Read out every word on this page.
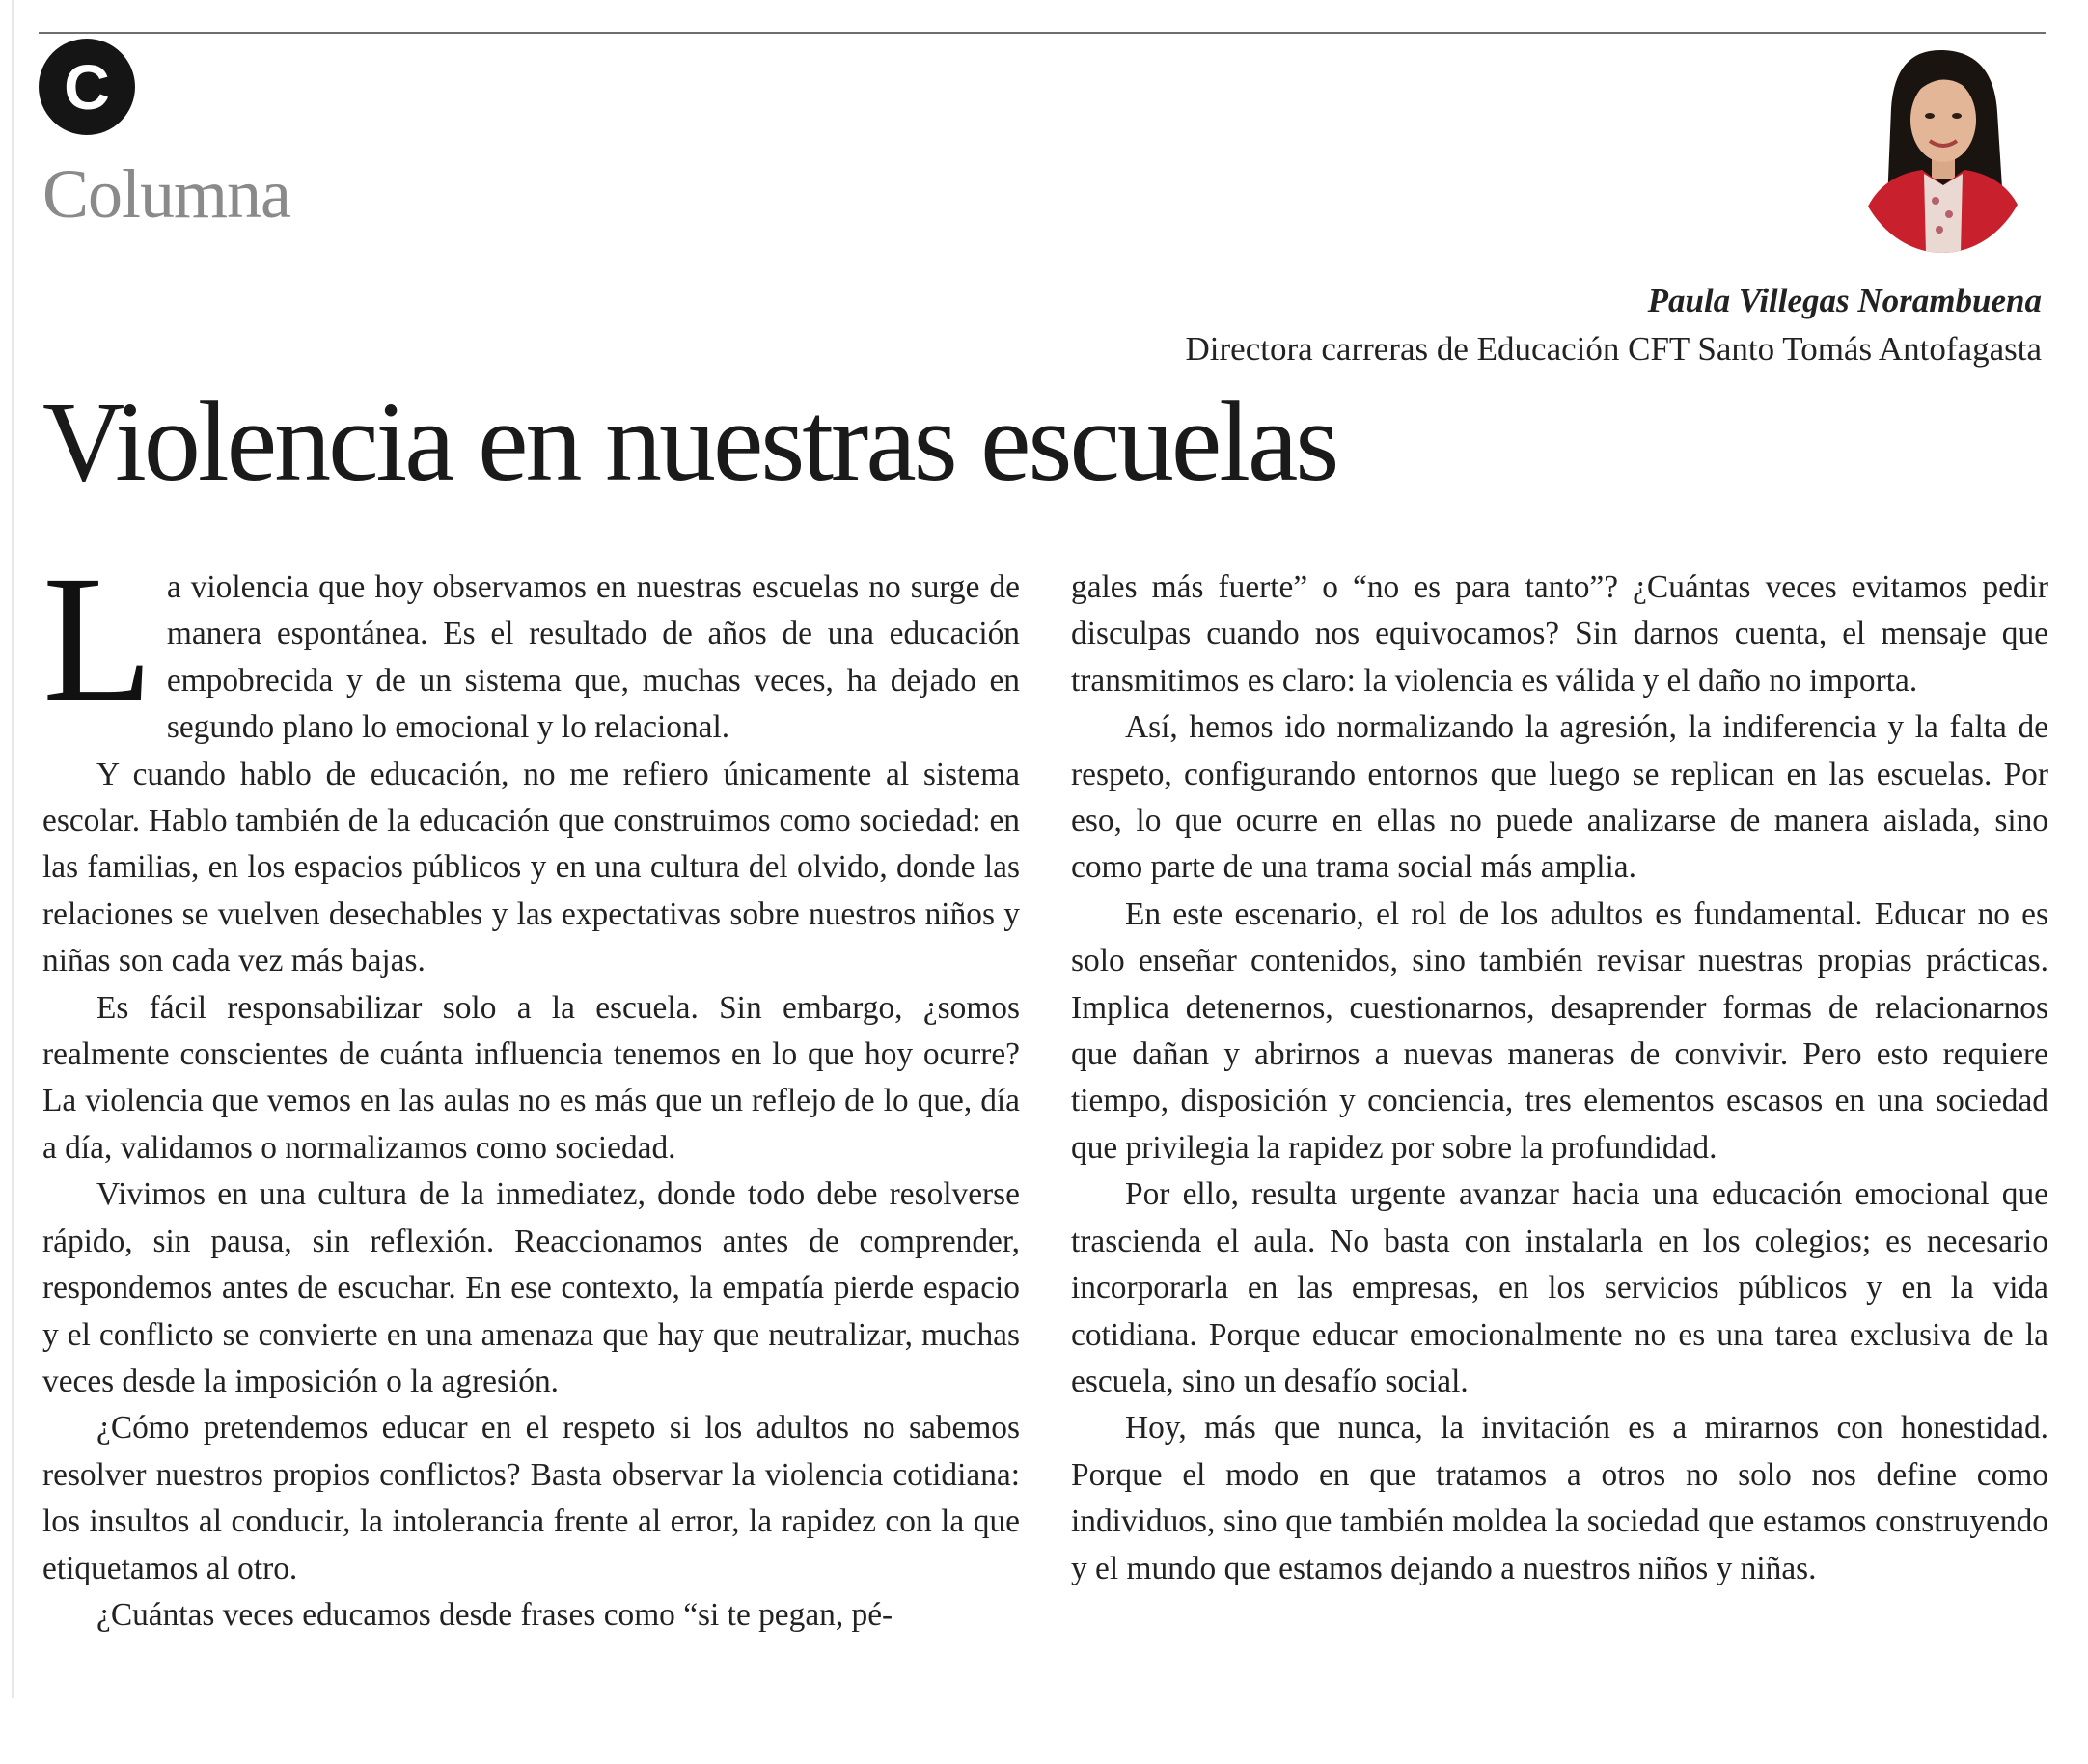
C
Columna
Paula Villegas Norambuena
Directora carreras de Educación CFT Santo Tomás Antofagasta
Violencia en nuestras escuelas

La violencia que hoy observamos en nuestras escuelas no surge de manera espontánea. Es el resultado de años de una educación empobrecida y de un sistema que, muchas veces, ha dejado en segundo plano lo emocional y lo relacional.

Y cuando hablo de educación, no me refiero únicamente al sistema escolar. Hablo también de la educación que construimos como sociedad: en las familias, en los espacios públicos y en una cultura del olvido, donde las relaciones se vuelven desechables y las expectativas sobre nuestros niños y niñas son cada vez más bajas.

Es fácil responsabilizar solo a la escuela. Sin embargo, ¿somos realmente conscientes de cuánta influencia tenemos en lo que hoy ocurre? La violencia que vemos en las aulas no es más que un reflejo de lo que, día a día, validamos o normalizamos como sociedad.

Vivimos en una cultura de la inmediatez, donde todo debe resolverse rápido, sin pausa, sin reflexión. Reaccionamos antes de comprender, respondemos antes de escuchar. En ese contexto, la empatía pierde espacio y el conflicto se convierte en una amenaza que hay que neutralizar, muchas veces desde la imposición o la agresión.

¿Cómo pretendemos educar en el respeto si los adultos no sabemos resolver nuestros propios conflictos? Basta observar la violencia cotidiana: los insultos al conducir, la intolerancia frente al error, la rapidez con la que etiquetamos al otro.

¿Cuántas veces educamos desde frases como “si te pegan, pé-

gales más fuerte” o “no es para tanto”? ¿Cuántas veces evitamos pedir disculpas cuando nos equivocamos? Sin darnos cuenta, el mensaje que transmitimos es claro: la violencia es válida y el daño no importa.

Así, hemos ido normalizando la agresión, la indiferencia y la falta de respeto, configurando entornos que luego se replican en las escuelas. Por eso, lo que ocurre en ellas no puede analizarse de manera aislada, sino como parte de una trama social más amplia.

En este escenario, el rol de los adultos es fundamental. Educar no es solo enseñar contenidos, sino también revisar nuestras propias prácticas. Implica detenernos, cuestionarnos, desaprender formas de relacionarnos que dañan y abrirnos a nuevas maneras de convivir. Pero esto requiere tiempo, disposición y conciencia, tres elementos escasos en una sociedad que privilegia la rapidez por sobre la profundidad.

Por ello, resulta urgente avanzar hacia una educación emocional que trascienda el aula. No basta con instalarla en los colegios; es necesario incorporarla en las empresas, en los servicios públicos y en la vida cotidiana. Porque educar emocionalmente no es una tarea exclusiva de la escuela, sino un desafío social.

Hoy, más que nunca, la invitación es a mirarnos con honestidad. Porque el modo en que tratamos a otros no solo nos define como individuos, sino que también moldea la sociedad que estamos construyendo y el mundo que estamos dejando a nuestros niños y niñas.
